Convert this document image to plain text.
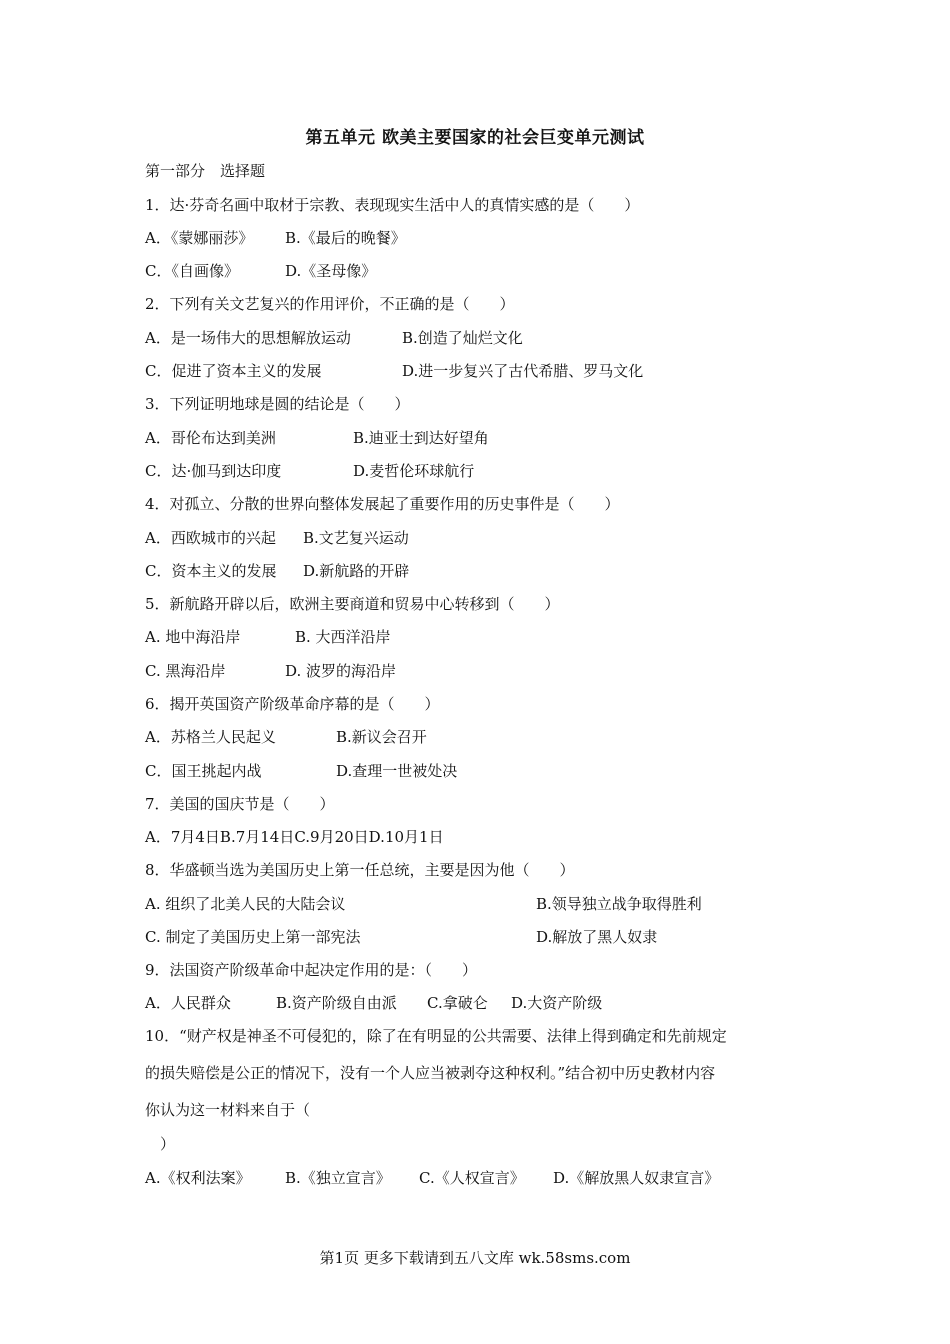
第五单元 欧美主要国家的社会巨变单元测试
第一部分　选择题
1．达·芬奇名画中取材于宗教、表现现实生活中人的真情实感的是（　　）
A．《蒙娜丽莎》 B.《最后的晚餐》
C．《自画像》	D.《圣母像》
2．下列有关文艺复兴的作用评价，不正确的是（　　）
A．是一场伟大的思想解放运动	B.创造了灿烂文化
C．促进了资本主义的发展	D.进一步复兴了古代希腊、罗马文化
3．下列证明地球是圆的结论是（　　）
A．哥伦布达到美洲	B.迪亚士到达好望角
C．达·伽马到达印度	D.麦哲伦环球航行
4．对孤立、分散的世界向整体发展起了重要作用的历史事件是（　　）
A．西欧城市的兴起 B.文艺复兴运动
C．资本主义的发展 D.新航路的开辟
5．新航路开辟以后，欧洲主要商道和贸易中心转移到（　　）
A. 地中海沿岸	B. 大西洋沿岸
C. 黑海沿岸	D. 波罗的海沿岸
6．揭开英国资产阶级革命序幕的是（　　）
A．苏格兰人民起义	B.新议会召开
C．国王挑起内战	D.查理一世被处决
7．美国的国庆节是（　　）
A．7月4日B.7月14日C.9月20日D.10月1日
8．华盛顿当选为美国历史上第一任总统，主要是因为他（　　）
A. 组织了北美人民的大陆会议	B.领导独立战争取得胜利
C. 制定了美国历史上第一部宪法	D.解放了黑人奴隶
9．法国资产阶级革命中起决定作用的是：（　　）
A．人民群众	B.资产阶级自由派 C.拿破仑 D.大资产阶级
10．“财产权是神圣不可侵犯的，除了在有明显的公共需要、法律上得到确定和先前规定
的损失赔偿是公正的情况下，没有一个人应当被剥夺这种权利。”结合初中历史教材内容
你认为这一材料来自于（
）
A.《权利法案》 B.《独立宣言》 C.《人权宣言》 D.《解放黑人奴隶宣言》
第1页 更多下载请到五八文库 wk.58sms.com
